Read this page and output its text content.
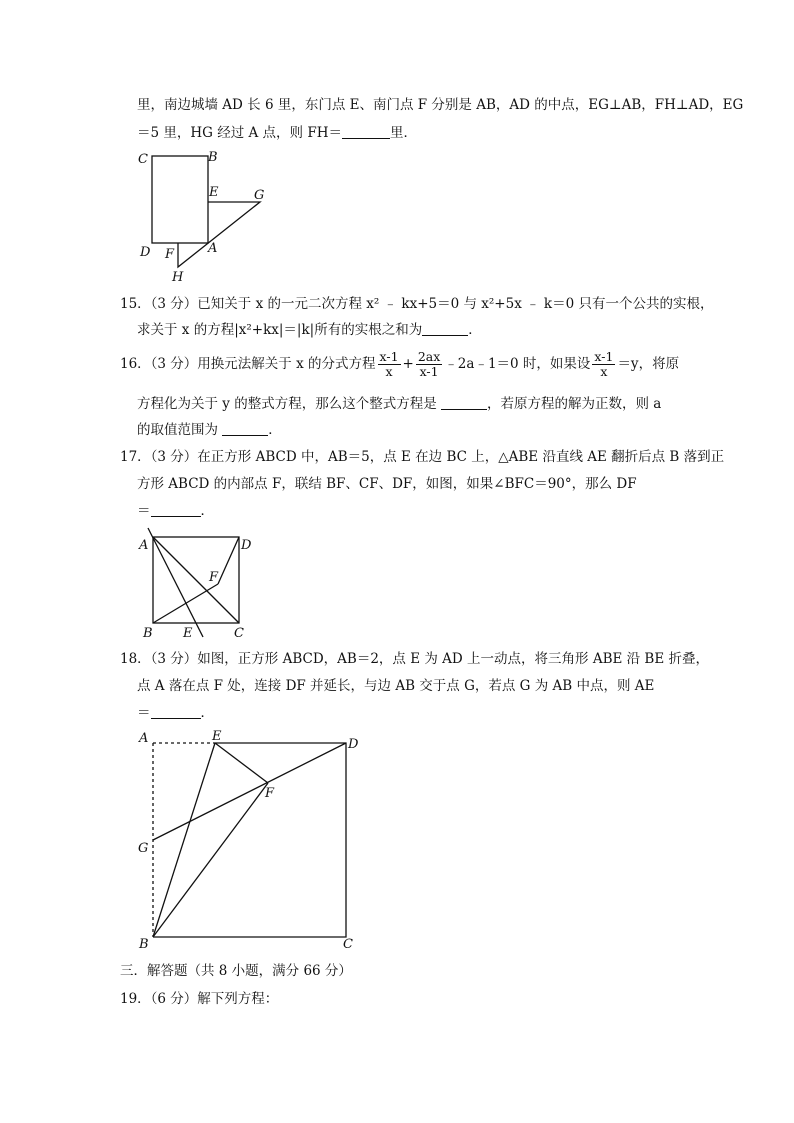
里，南边城墙 AD 长 6 里，东门点 E、南门点 F 分别是 AB，AD 的中点，EG⊥AB，FH⊥AD，EG
＝5 里，HG 经过 A 点，则 FH＝	里．
C	B
E	G
D F	A
H
15．（3 分）已知关于 x 的一元二次方程 x² ﹣ kx+5＝0 与 x²+5x ﹣ k＝0 只有一个公共的实根，
求关于 x 的方程|x²+kx|＝|k|所有的实根之和为	．
16．（3 分）用换元法解关于 x 的分式方程 $\frac{x-1}{x} + \frac{2ax}{x-1}$ ﹣2a﹣1＝0 时，如果设 $\frac{x-1}{x} =y$，将原
方程化为关于 y 的整式方程，那么这个整式方程是	，若原方程的解为正数，则 a
的取值范围为	．
17．（3 分）在正方形 ABCD 中，AB＝5，点 E 在边 BC 上，△ABE 沿直线 AE 翻折后点 B 落到正
方形 ABCD 的内部点 F，联结 BF、CF、DF，如图，如果∠BFC＝90°，那么 DF
＝	．
A	D
F
B E	C
18．（3 分）如图，正方形 ABCD，AB＝2，点 E 为 AD 上一动点，将三角形 ABE 沿 BE 折叠，
点 A 落在点 F 处，连接 DF 并延长，与边 AB 交于点 G，若点 G 为 AB 中点，则 AE
＝	．
A	E
D
F
G
B	C
三．解答题（共 8 小题，满分 66 分）
19．（6 分）解下列方程：
